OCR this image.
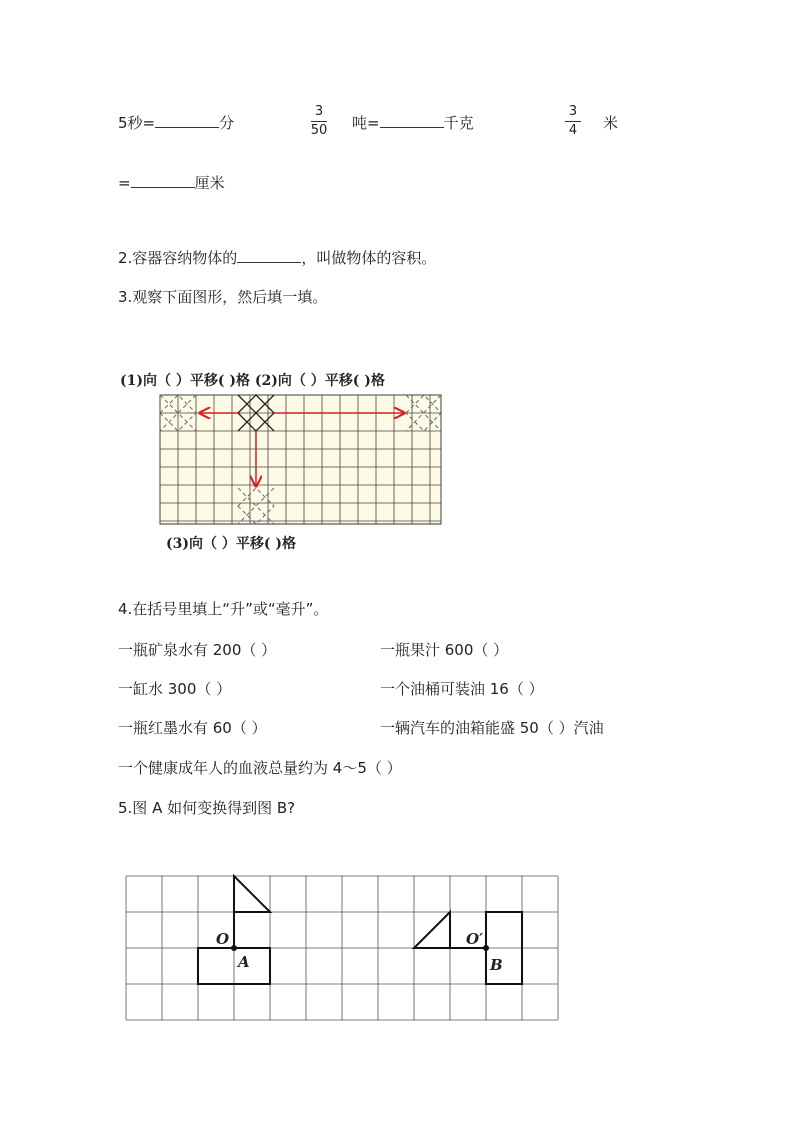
5秒=	分
3
50 吨=	千克
3
4	米
=	厘米
2.容器容纳物体的	，叫做物体的容积。
3.观察下面图形，然后填一填。
(1)向（ ）平移( )格 (2)向（ ）平移( )格
(3)向（ ）平移( )格
4.在括号里填上“升”或“毫升”。
一瓶矿泉水有 200（ ）	一瓶果汁 600（ ）
一缸水 300（ ）	一个油桶可装油 16（ ）
一瓶红墨水有 60（ ）	一辆汽车的油箱能盛 50（ ）汽油
一个健康成年人的血液总量约为 4～5（ ）
5.图 A 如何变换得到图 B?
O
A
O′
B
